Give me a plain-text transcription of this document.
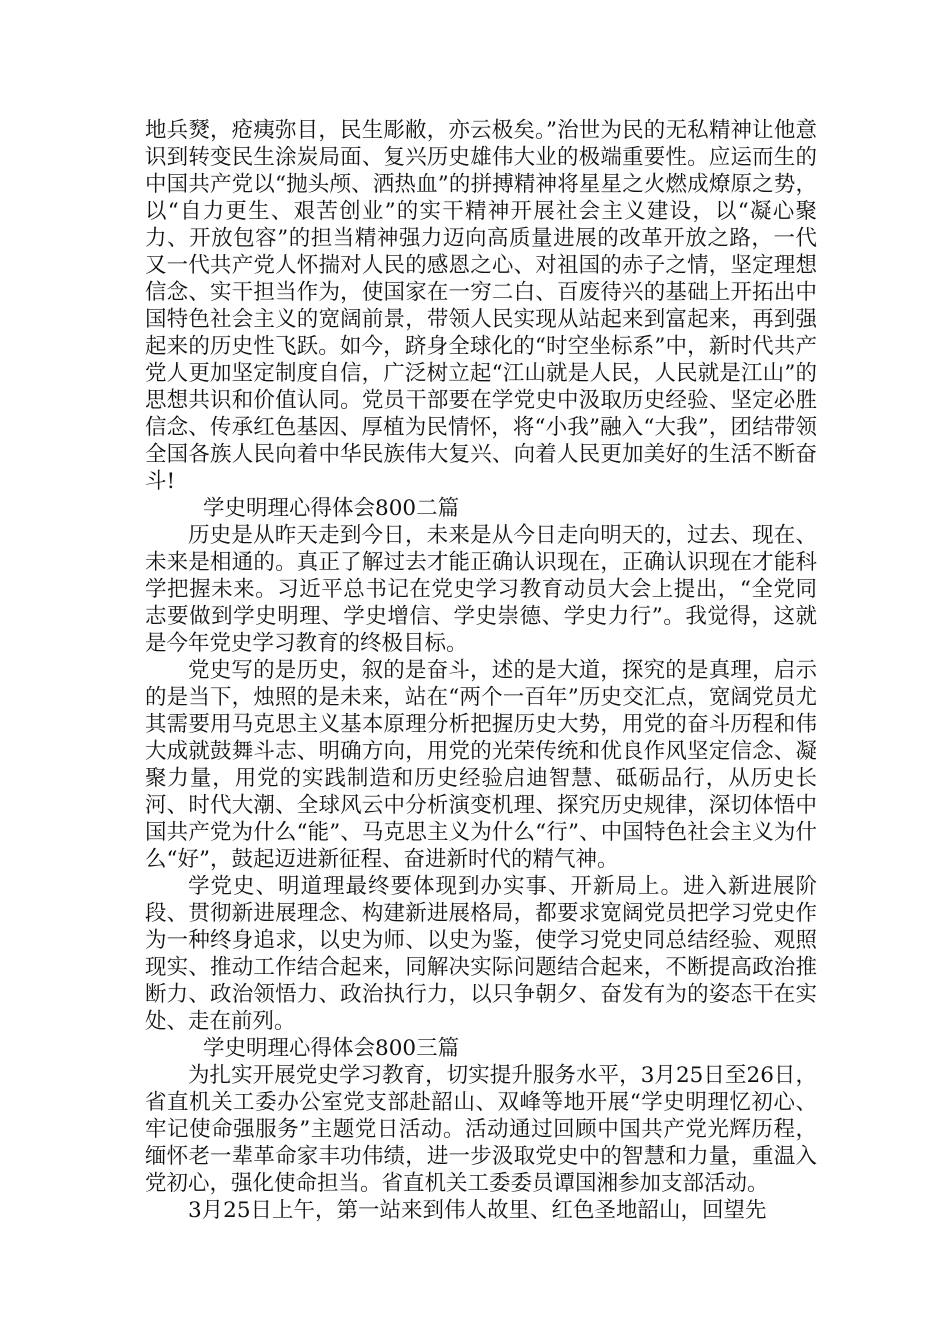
地兵燹，疮痍弥目，民生彫敝，亦云极矣。”治世为民的无私精神让他意识到转变民生涂炭局面、复兴历史雄伟大业的极端重要性。应运而生的中国共产党以“抛头颅、洒热血”的拼搏精神将星星之火燃成燎原之势，以“自力更生、艰苦创业”的实干精神开展社会主义建设，以“凝心聚力、开放包容”的担当精神强力迈向高质量进展的改革开放之路，一代又一代共产党人怀揣对人民的感恩之心、对祖国的赤子之情，坚定理想信念、实干担当作为，使国家在一穷二白、百废待兴的基础上开拓出中国特色社会主义的宽阔前景，带领人民实现从站起来到富起来，再到强起来的历史性飞跃。如今，跻身全球化的“时空坐标系”中，新时代共产党人更加坚定制度自信，广泛树立起“江山就是人民，人民就是江山”的思想共识和价值认同。党员干部要在学党史中汲取历史经验、坚定必胜信念、传承红色基因、厚植为民情怀，将“小我”融入“大我”，团结带领全国各族人民向着中华民族伟大复兴、向着人民更加美好的生活不断奋斗!

学史明理心得体会800二篇

历史是从昨天走到今日，未来是从今日走向明天的，过去、现在、未来是相通的。真正了解过去才能正确认识现在，正确认识现在才能科学把握未来。习近平总书记在党史学习教育动员大会上提出，“全党同志要做到学史明理、学史增信、学史崇德、学史力行”。我觉得，这就是今年党史学习教育的终极目标。

党史写的是历史，叙的是奋斗，述的是大道，探究的是真理，启示的是当下，烛照的是未来，站在“两个一百年”历史交汇点，宽阔党员尤其需要用马克思主义基本原理分析把握历史大势，用党的奋斗历程和伟大成就鼓舞斗志、明确方向，用党的光荣传统和优良作风坚定信念、凝聚力量，用党的实践制造和历史经验启迪智慧、砥砺品行，从历史长河、时代大潮、全球风云中分析演变机理、探究历史规律，深切体悟中国共产党为什么“能”、马克思主义为什么“行”、中国特色社会主义为什么“好”，鼓起迈进新征程、奋进新时代的精气神。

学党史、明道理最终要体现到办实事、开新局上。进入新进展阶段、贯彻新进展理念、构建新进展格局，都要求宽阔党员把学习党史作为一种终身追求，以史为师、以史为鉴，使学习党史同总结经验、观照现实、推动工作结合起来，同解决实际问题结合起来，不断提高政治推断力、政治领悟力、政治执行力，以只争朝夕、奋发有为的姿态干在实处、走在前列。

学史明理心得体会800三篇

为扎实开展党史学习教育，切实提升服务水平，3月25日至26日，省直机关工委办公室党支部赴韶山、双峰等地开展“学史明理忆初心、牢记使命强服务”主题党日活动。活动通过回顾中国共产党光辉历程，缅怀老一辈革命家丰功伟绩，进一步汲取党史中的智慧和力量，重温入党初心，强化使命担当。省直机关工委委员谭国湘参加支部活动。

3月25日上午，第一站来到伟人故里、红色圣地韶山，回望先
